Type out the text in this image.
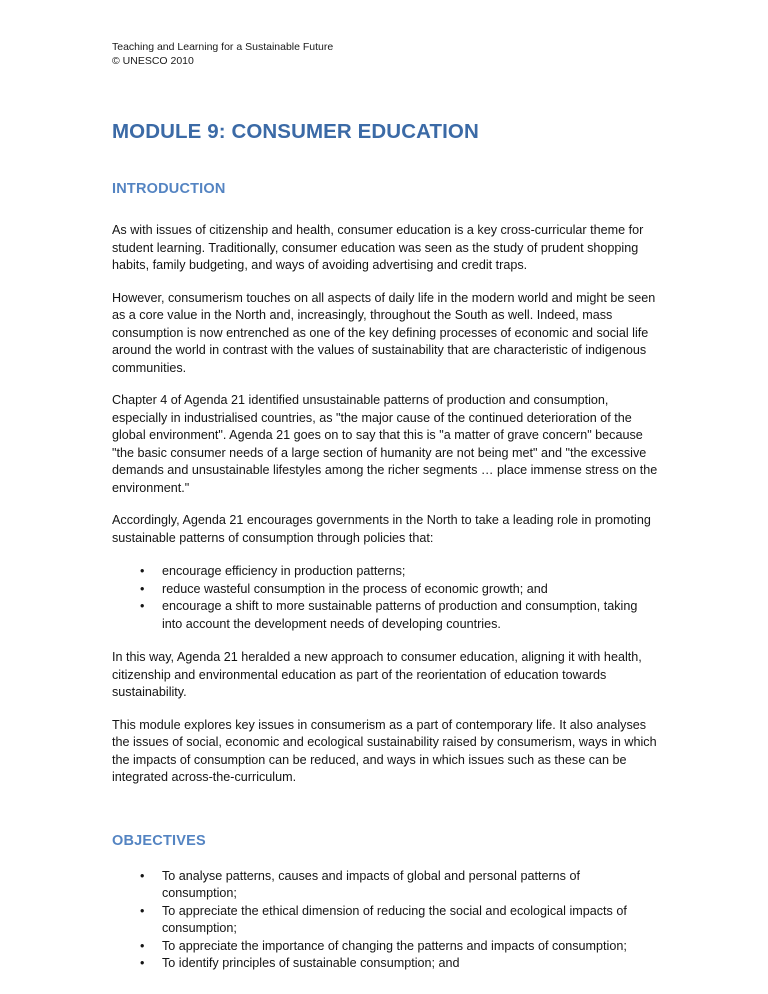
Teaching and Learning for a Sustainable Future
© UNESCO 2010
MODULE 9: CONSUMER EDUCATION
INTRODUCTION

As with issues of citizenship and health, consumer education is a key cross-curricular theme for student learning. Traditionally, consumer education was seen as the study of prudent shopping habits, family budgeting, and ways of avoiding advertising and credit traps.

However, consumerism touches on all aspects of daily life in the modern world and might be seen as a core value in the North and, increasingly, throughout the South as well. Indeed, mass consumption is now entrenched as one of the key defining processes of economic and social life around the world in contrast with the values of sustainability that are characteristic of indigenous communities.

Chapter 4 of Agenda 21 identified unsustainable patterns of production and consumption, especially in industrialised countries, as "the major cause of the continued deterioration of the global environment". Agenda 21 goes on to say that this is "a matter of grave concern" because "the basic consumer needs of a large section of humanity are not being met" and "the excessive demands and unsustainable lifestyles among the richer segments … place immense stress on the environment."

Accordingly, Agenda 21 encourages governments in the North to take a leading role in promoting sustainable patterns of consumption through policies that:

• encourage efficiency in production patterns;
• reduce wasteful consumption in the process of economic growth; and
• encourage a shift to more sustainable patterns of production and consumption, taking into account the development needs of developing countries.

In this way, Agenda 21 heralded a new approach to consumer education, aligning it with health, citizenship and environmental education as part of the reorientation of education towards sustainability.

This module explores key issues in consumerism as a part of contemporary life. It also analyses the issues of social, economic and ecological sustainability raised by consumerism, ways in which the impacts of consumption can be reduced, and ways in which issues such as these can be integrated across-the-curriculum.

OBJECTIVES
• To analyse patterns, causes and impacts of global and personal patterns of consumption;
• To appreciate the ethical dimension of reducing the social and ecological impacts of consumption;
• To appreciate the importance of changing the patterns and impacts of consumption;
• To identify principles of sustainable consumption; and
